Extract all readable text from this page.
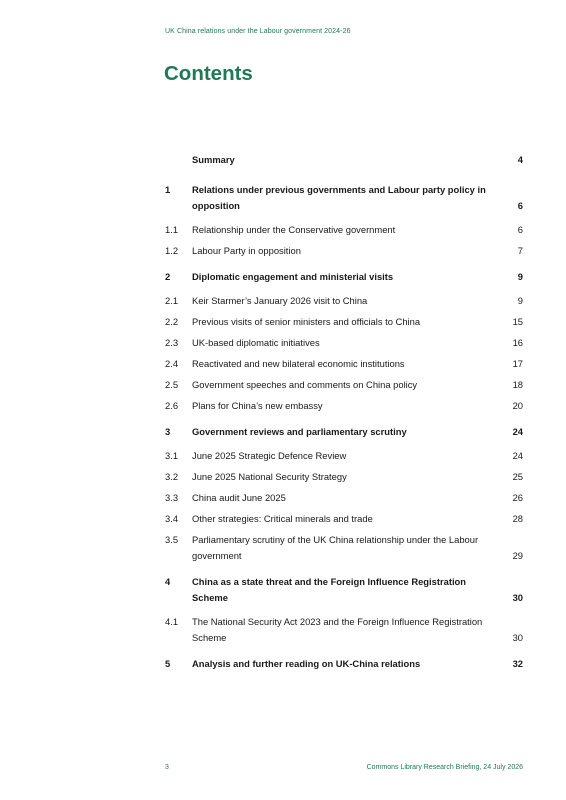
UK China relations under the Labour government 2024-26
Contents
Summary	4
1	Relations under previous governments and Labour party policy in opposition	6
1.1	Relationship under the Conservative government	6
1.2	Labour Party in opposition	7
2	Diplomatic engagement and ministerial visits	9
2.1	Keir Starmer’s January 2026 visit to China	9
2.2	Previous visits of senior ministers and officials to China	15
2.3	UK-based diplomatic initiatives	16
2.4	Reactivated and new bilateral economic institutions	17
2.5	Government speeches and comments on China policy	18
2.6	Plans for China’s new embassy	20
3	Government reviews and parliamentary scrutiny	24
3.1	June 2025 Strategic Defence Review	24
3.2	June 2025 National Security Strategy	25
3.3	China audit June 2025	26
3.4	Other strategies: Critical minerals and trade	28
3.5	Parliamentary scrutiny of the UK China relationship under the Labour government	29
4	China as a state threat and the Foreign Influence Registration Scheme	30
4.1	The National Security Act 2023 and the Foreign Influence Registration Scheme	30
5	Analysis and further reading on UK-China relations	32
3	Commons Library Research Briefing, 24 July 2026
